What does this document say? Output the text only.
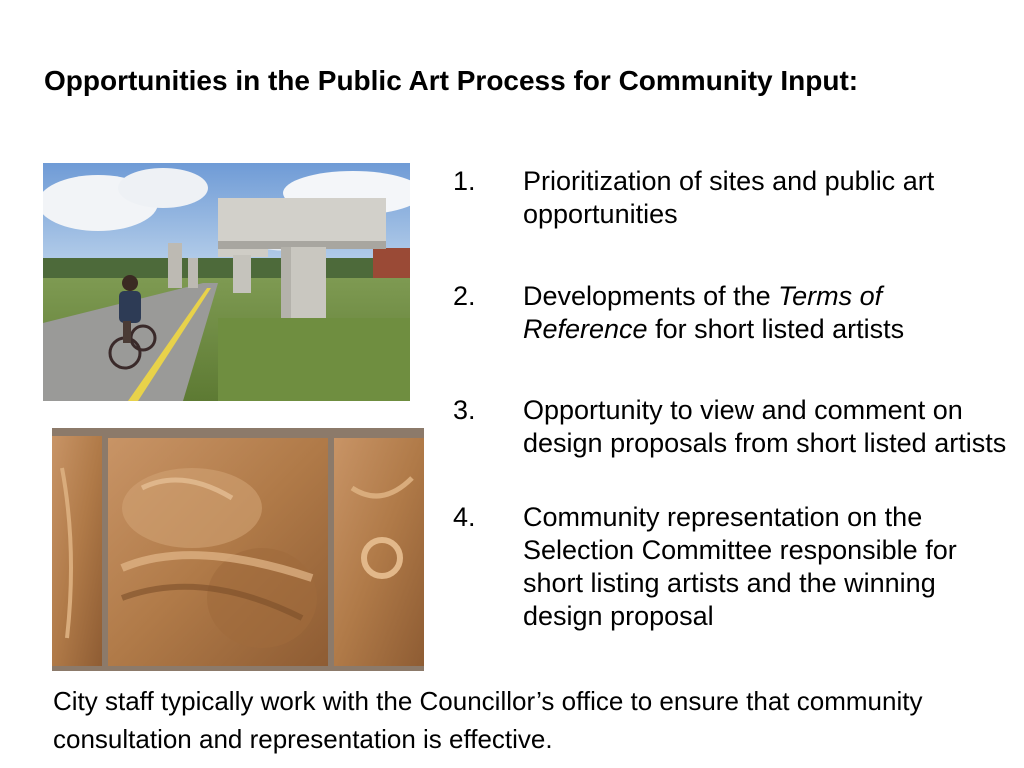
Opportunities in the Public Art Process for Community Input:
1. Prioritization of sites and public art opportunities
2. Developments of the Terms of Reference for short listed artists
3. Opportunity to view and comment on design proposals from short listed artists
4. Community representation on the Selection Committee responsible for short listing artists and the winning design proposal
City staff typically work with the Councillor’s office to ensure that community consultation and representation is effective.
